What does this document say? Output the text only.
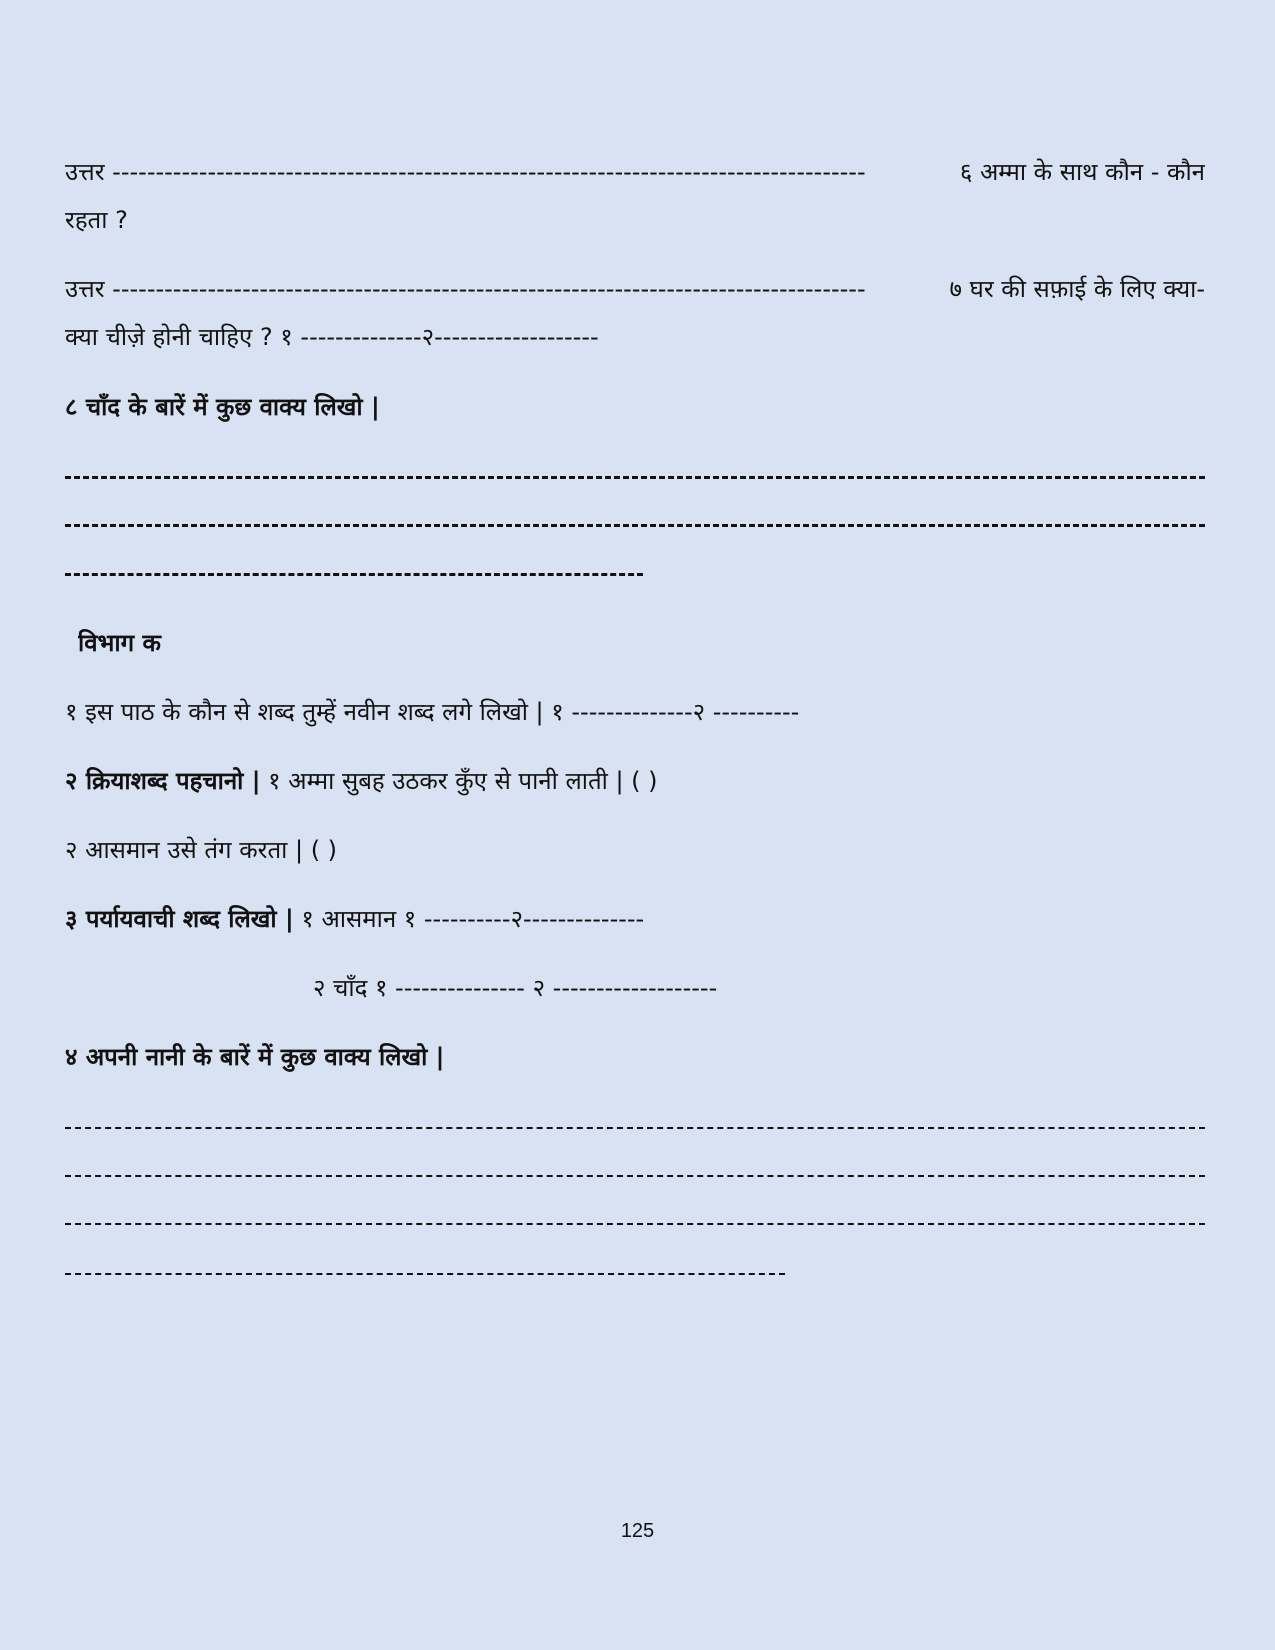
उत्तर ---------------------------------------------------------------------------------------	६ अम्मा के साथ कौन - कौन
रहता ?
उत्तर ---------------------------------------------------------------------------------------	७ घर की सफ़ाई के लिए क्या-
क्या चीज़े होनी चाहिए ? १ --------------२-------------------
८ चाँद के बारें में कुछ वाक्य लिखो |
विभाग क
१ इस पाठ के कौन से शब्द तुम्हें नवीन शब्द लगे लिखो | १ --------------२ ----------
२ क्रियाशब्द पहचानो | १ अम्मा सुबह उठकर कुँए से पानी लाती | ( )
२ आसमान उसे तंग करता | ( )
३ पर्यायवाची शब्द लिखो | १ आसमान १ ----------२--------------
२ चाँद १ --------------- २ -------------------
४ अपनी नानी के बारें में कुछ वाक्य लिखो |
125
